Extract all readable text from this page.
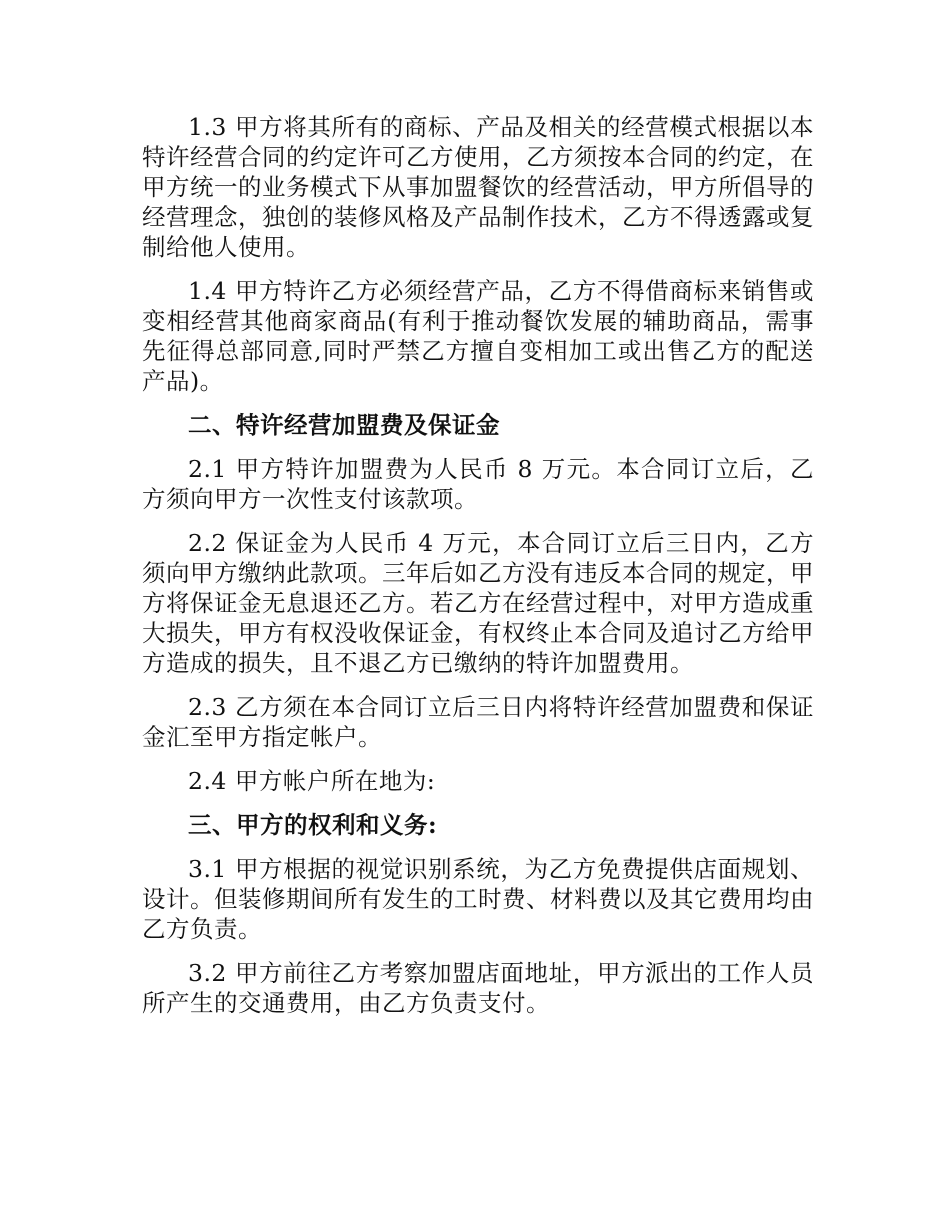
1.3 甲方将其所有的商标、产品及相关的经营模式根据以本特许经营合同的约定许可乙方使用，乙方须按本合同的约定，在甲方统一的业务模式下从事加盟餐饮的经营活动，甲方所倡导的经营理念，独创的装修风格及产品制作技术，乙方不得透露或复制给他人使用。

1.4 甲方特许乙方必须经营产品，乙方不得借商标来销售或变相经营其他商家商品(有利于推动餐饮发展的辅助商品，需事先征得总部同意,同时严禁乙方擅自变相加工或出售乙方的配送产品)。

二、特许经营加盟费及保证金

2.1 甲方特许加盟费为人民币 8 万元。本合同订立后，乙方须向甲方一次性支付该款项。

2.2 保证金为人民币 4 万元，本合同订立后三日内，乙方须向甲方缴纳此款项。三年后如乙方没有违反本合同的规定，甲方将保证金无息退还乙方。若乙方在经营过程中，对甲方造成重大损失，甲方有权没收保证金，有权终止本合同及追讨乙方给甲方造成的损失，且不退乙方已缴纳的特许加盟费用。

2.3 乙方须在本合同订立后三日内将特许经营加盟费和保证金汇至甲方指定帐户。

2.4 甲方帐户所在地为:

三、甲方的权利和义务:

3.1 甲方根据的视觉识别系统，为乙方免费提供店面规划、设计。但装修期间所有发生的工时费、材料费以及其它费用均由乙方负责。

3.2 甲方前往乙方考察加盟店面地址，甲方派出的工作人员所产生的交通费用，由乙方负责支付。
